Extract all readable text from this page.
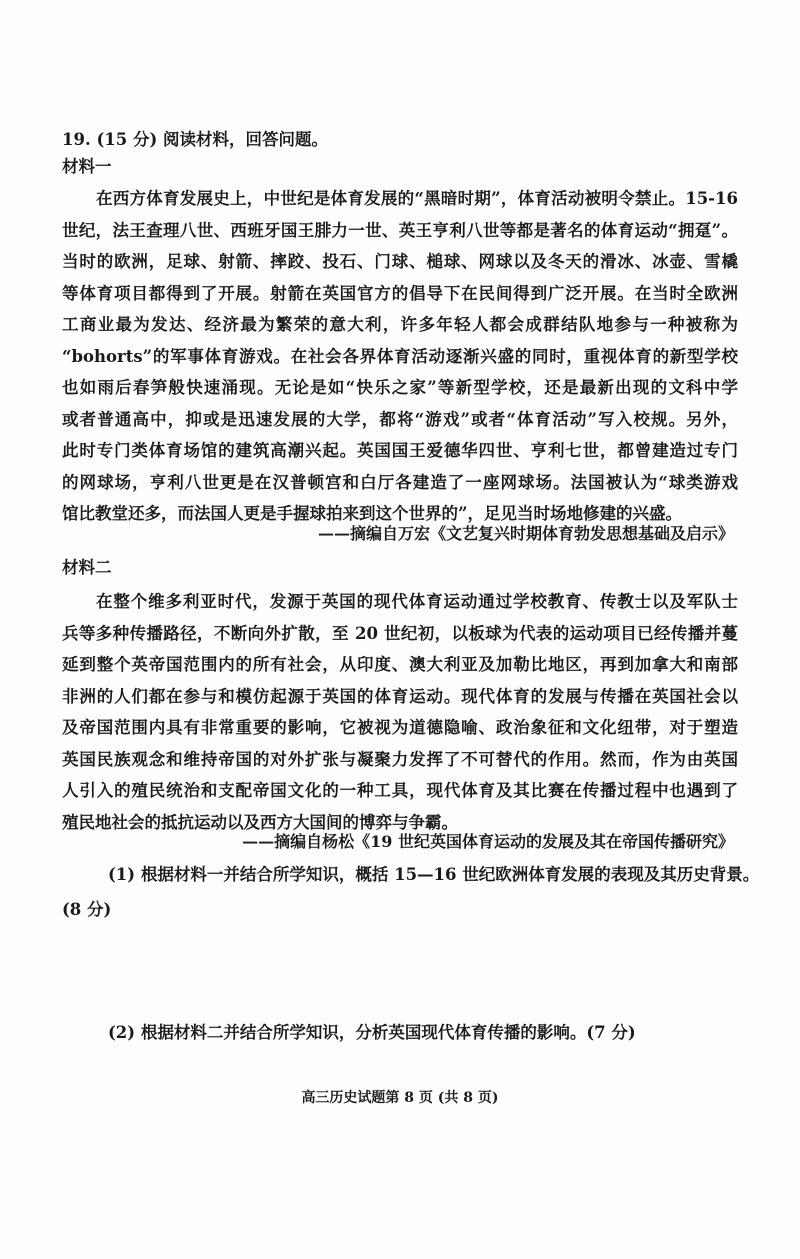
19. (15 分) 阅读材料，回答问题。
材料一
在西方体育发展史上，中世纪是体育发展的“黑暗时期”，体育活动被明令禁止。15-16
世纪，法王查理八世、西班牙国王腓力一世、英王亨利八世等都是著名的体育运动“拥趸”。
当时的欧洲，足球、射箭、摔跤、投石、门球、槌球、网球以及冬天的滑冰、冰壶、雪橇
等体育项目都得到了开展。射箭在英国官方的倡导下在民间得到广泛开展。在当时全欧洲
工商业最为发达、经济最为繁荣的意大利，许多年轻人都会成群结队地参与一种被称为
“bohorts”的军事体育游戏。在社会各界体育活动逐渐兴盛的同时，重视体育的新型学校
也如雨后春笋般快速涌现。无论是如“快乐之家”等新型学校，还是最新出现的文科中学
或者普通高中，抑或是迅速发展的大学，都将“游戏”或者“体育活动”写入校规。另外，
此时专门类体育场馆的建筑高潮兴起。英国国王爱德华四世、亨利七世，都曾建造过专门
的网球场，亨利八世更是在汉普顿宫和白厅各建造了一座网球场。法国被认为“球类游戏
馆比教堂还多，而法国人更是手握球拍来到这个世界的”，足见当时场地修建的兴盛。
——摘编自万宏《文艺复兴时期体育勃发思想基础及启示》
材料二
在整个维多利亚时代，发源于英国的现代体育运动通过学校教育、传教士以及军队士
兵等多种传播路径，不断向外扩散，至 20 世纪初，以板球为代表的运动项目已经传播并蔓
延到整个英帝国范围内的所有社会，从印度、澳大利亚及加勒比地区，再到加拿大和南部
非洲的人们都在参与和模仿起源于英国的体育运动。现代体育的发展与传播在英国社会以
及帝国范围内具有非常重要的影响，它被视为道德隐喻、政治象征和文化纽带，对于塑造
英国民族观念和维持帝国的对外扩张与凝聚力发挥了不可替代的作用。然而，作为由英国
人引入的殖民统治和支配帝国文化的一种工具，现代体育及其比赛在传播过程中也遇到了
殖民地社会的抵抗运动以及西方大国间的博弈与争霸。
——摘编自杨松《19 世纪英国体育运动的发展及其在帝国传播研究》
(1) 根据材料一并结合所学知识，概括 15—16 世纪欧洲体育发展的表现及其历史背景。
(8 分)
(2) 根据材料二并结合所学知识，分析英国现代体育传播的影响。(7 分)
高三历史试题第 8 页 (共 8 页)
